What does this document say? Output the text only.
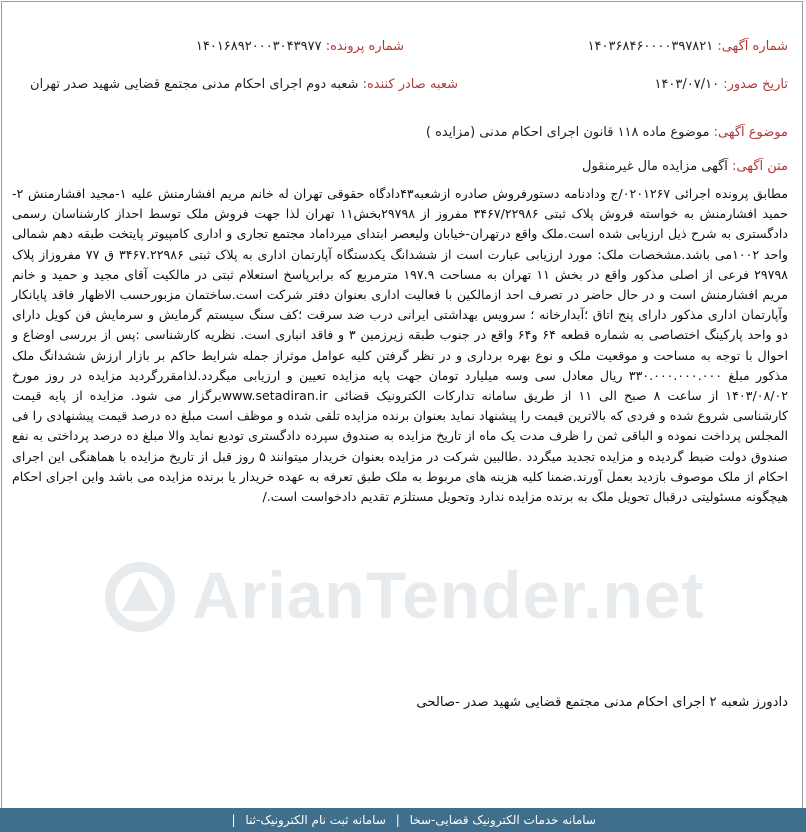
شماره آگهی: ۱۴۰۳۶۸۴۶۰۰۰۰۳۹۷۸۲۱
شماره پرونده: ۱۴۰۱۶۸۹۲۰۰۰۳۰۴۳۹۷۷
تاریخ صدور: ۱۴۰۳/۰۷/۱۰
شعبه صادر کننده: شعبه دوم اجرای احکام مدنی مجتمع قضایی شهید صدر تهران
موضوع آگهی: موضوع ماده ۱۱۸ قانون اجرای احکام مدنی (مزایده )
متن آگهی: آگهی مزایده مال غیرمنقول
مطابق پرونده اجرائی ۰۲۰۱۲۶۷/ج ودادنامه دستورفروش صادره ازشعبه۴۳دادگاه حقوقی تهران له خانم مریم افشارمنش علیه ۱-مجید افشارمنش ۲-حمید افشارمنش به خواسته فروش پلاک ثبتی ۳۴۶۷/۲۲۹۸۶ مفروز از ۲۹۷۹۸بخش۱۱ تهران لذا جهت فروش ملک توسط احداز کارشناسان رسمی دادگستری به شرح ذیل ارزیابی شده است.ملک واقع درتهران-خیابان ولیعصر ابتدای میرداماد مجتمع تجاری و اداری کامپیوتر پایتخت طبقه دهم شمالی واحد ۱۰۰۲می باشد.مشخصات ملک: مورد ارزیابی عبارت است از ششدانگ یکدستگاه آپارتمان اداری به پلاک ثبتی ۳۴۶۷.۲۲۹۸۶ ق ۷۷ مفروزاز پلاک ۲۹۷۹۸ فرعی از اصلی مذکور واقع در بخش ۱۱ تهران به مساحت ۱۹۷.۹ مترمربع که برابرپاسخ استعلام ثبتی در مالکیت آقای مجید و حمید و خانم مریم افشارمنش است و در حال حاضر در تصرف احد ازمالکین با فعالیت اداری بعنوان دفتر شرکت است.ساختمان مزبورحسب الاظهار فاقد پایانکار وآپارتمان اداری مذکور دارای پنج اتاق ؛آبدارخانه ؛ سرویس بهداشتی ایرانی درب ضد سرقت ؛کف سنگ سیستم گرمایش و سرمایش فن کویل دارای دو واحد پارکینگ اختصاصی به شماره قطعه ۶۴ و۶۴ واقع در جنوب طبقه زیرزمین ۳ و فاقد انباری است. نظریه کارشناسی :پس از بررسی اوضاع و احوال با توجه به مساحت و موقعیت ملک و نوع بهره برداری و در نظر گرفتن کلیه عوامل موثراز جمله شرایط حاکم بر بازار ارزش ششدانگ ملک مذکور مبلغ ۳۳۰.۰۰۰.۰۰۰.۰۰۰ ریال معادل سی وسه میلیارد تومان جهت پایه مزایده تعیین و ارزیابی میگردد.لذامقررگردید مزایده در روز مورخ ۱۴۰۳/۰۸/۰۲ از ساعت ۸ صبح الی ۱۱ از طریق سامانه تدارکات الکترونیک قضائی www.setadiran.irبرگزار می شود. مزایده از پایه قیمت کارشناسی شروع شده و فردی که بالاترین قیمت را پیشنهاد نماید بعنوان برنده مزایده تلقی شده و موظف است مبلغ ده درصد قیمت پیشنهادی را فی المجلس پرداخت نموده و الباقی ثمن را ظرف مدت یک ماه از تاریخ مزایده به صندوق سپرده دادگستری تودیع نماید والا مبلغ ده درصد پرداختی به نفع صندوق دولت ضبط گردیده و مزایده تجدید میگردد .طالبین شرکت در مزایده بعنوان خریدار میتوانند ۵ روز قبل از تاریخ مزایده با هماهنگی این اجرای احکام از ملک موصوف بازدید بعمل آورند.ضمنا کلیه هزینه های مربوط به ملک طبق تعرفه به عهده خریدار یا برنده مزایده می باشد واین اجرای احکام هیچگونه مسئولیتی درقبال تحویل ملک به برنده مزایده ندارد وتحویل مستلزم تقدیم دادخواست است./
دادورز شعبه ۲ اجرای احکام مدنی مجتمع قضایی شهید صدر -صالحی
ArianTender.net
سامانه خدمات الکترونیک قضایی-سخا | سامانه ثبت نام الکترونیک-ثنا |
